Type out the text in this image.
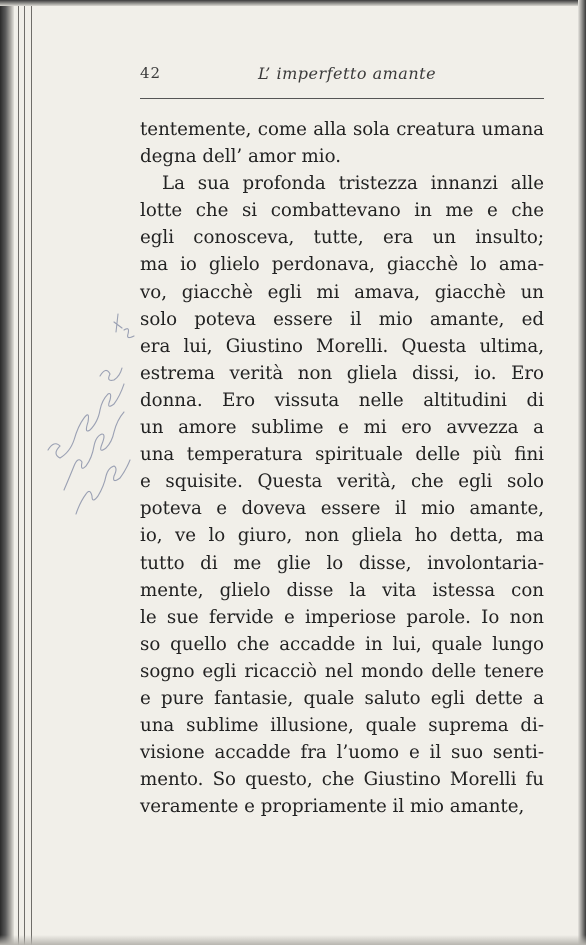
42	L’ imperfetto amante
tentemente, come alla sola creatura umana
degna dell’ amor mio.
La sua profonda tristezza innanzi alle
lotte che si combattevano in me e che
egli conosceva, tutte, era un insulto;
ma io glielo perdonava, giacchè lo ama-
vo, giacchè egli mi amava, giacchè un
solo poteva essere il mio amante, ed
era lui, Giustino Morelli. Questa ultima,
estrema verità non gliela dissi, io. Ero
donna. Ero vissuta nelle altitudini di
un amore sublime e mi ero avvezza a
una temperatura spirituale delle più fini
e squisite. Questa verità, che egli solo
poteva e doveva essere il mio amante,
io, ve lo giuro, non gliela ho detta, ma
tutto di me glie lo disse, involontaria-
mente, glielo disse la vita istessa con
le sue fervide e imperiose parole. Io non
so quello che accadde in lui, quale lungo
sogno egli ricacciò nel mondo delle tenere
e pure fantasie, quale saluto egli dette a
una sublime illusione, quale suprema di-
visione accadde fra l’uomo e il suo senti-
mento. So questo, che Giustino Morelli fu
veramente e propriamente il mio amante,
